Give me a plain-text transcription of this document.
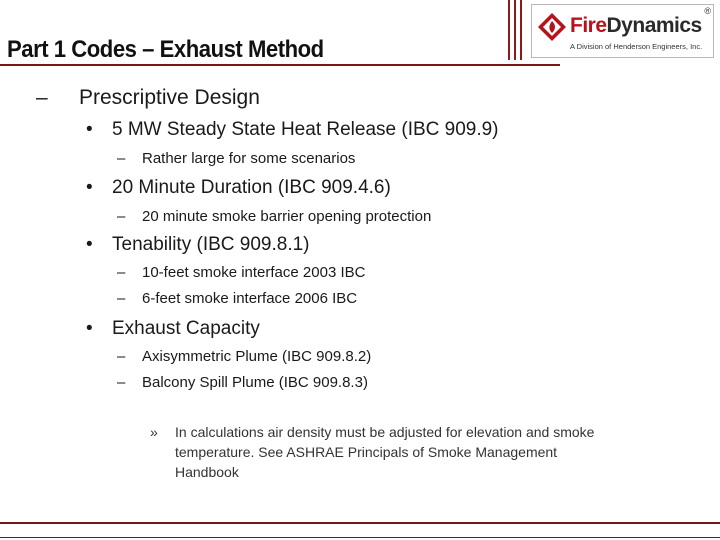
Part 1 Codes – Exhaust Method
FireDynamics
®
A Division of Henderson Engineers, Inc.
– Prescriptive Design
• 5 MW Steady State Heat Release (IBC 909.9)
– Rather large for some scenarios
• 20 Minute Duration (IBC 909.4.6)
– 20 minute smoke barrier opening protection
• Tenability (IBC 909.8.1)
– 10-feet smoke interface 2003 IBC
– 6-feet smoke interface 2006 IBC
• Exhaust Capacity
– Axisymmetric Plume (IBC 909.8.2)
– Balcony Spill Plume (IBC 909.8.3)
» In calculations air density must be adjusted for elevation and smoke
temperature. See ASHRAE Principals of Smoke Management
Handbook
